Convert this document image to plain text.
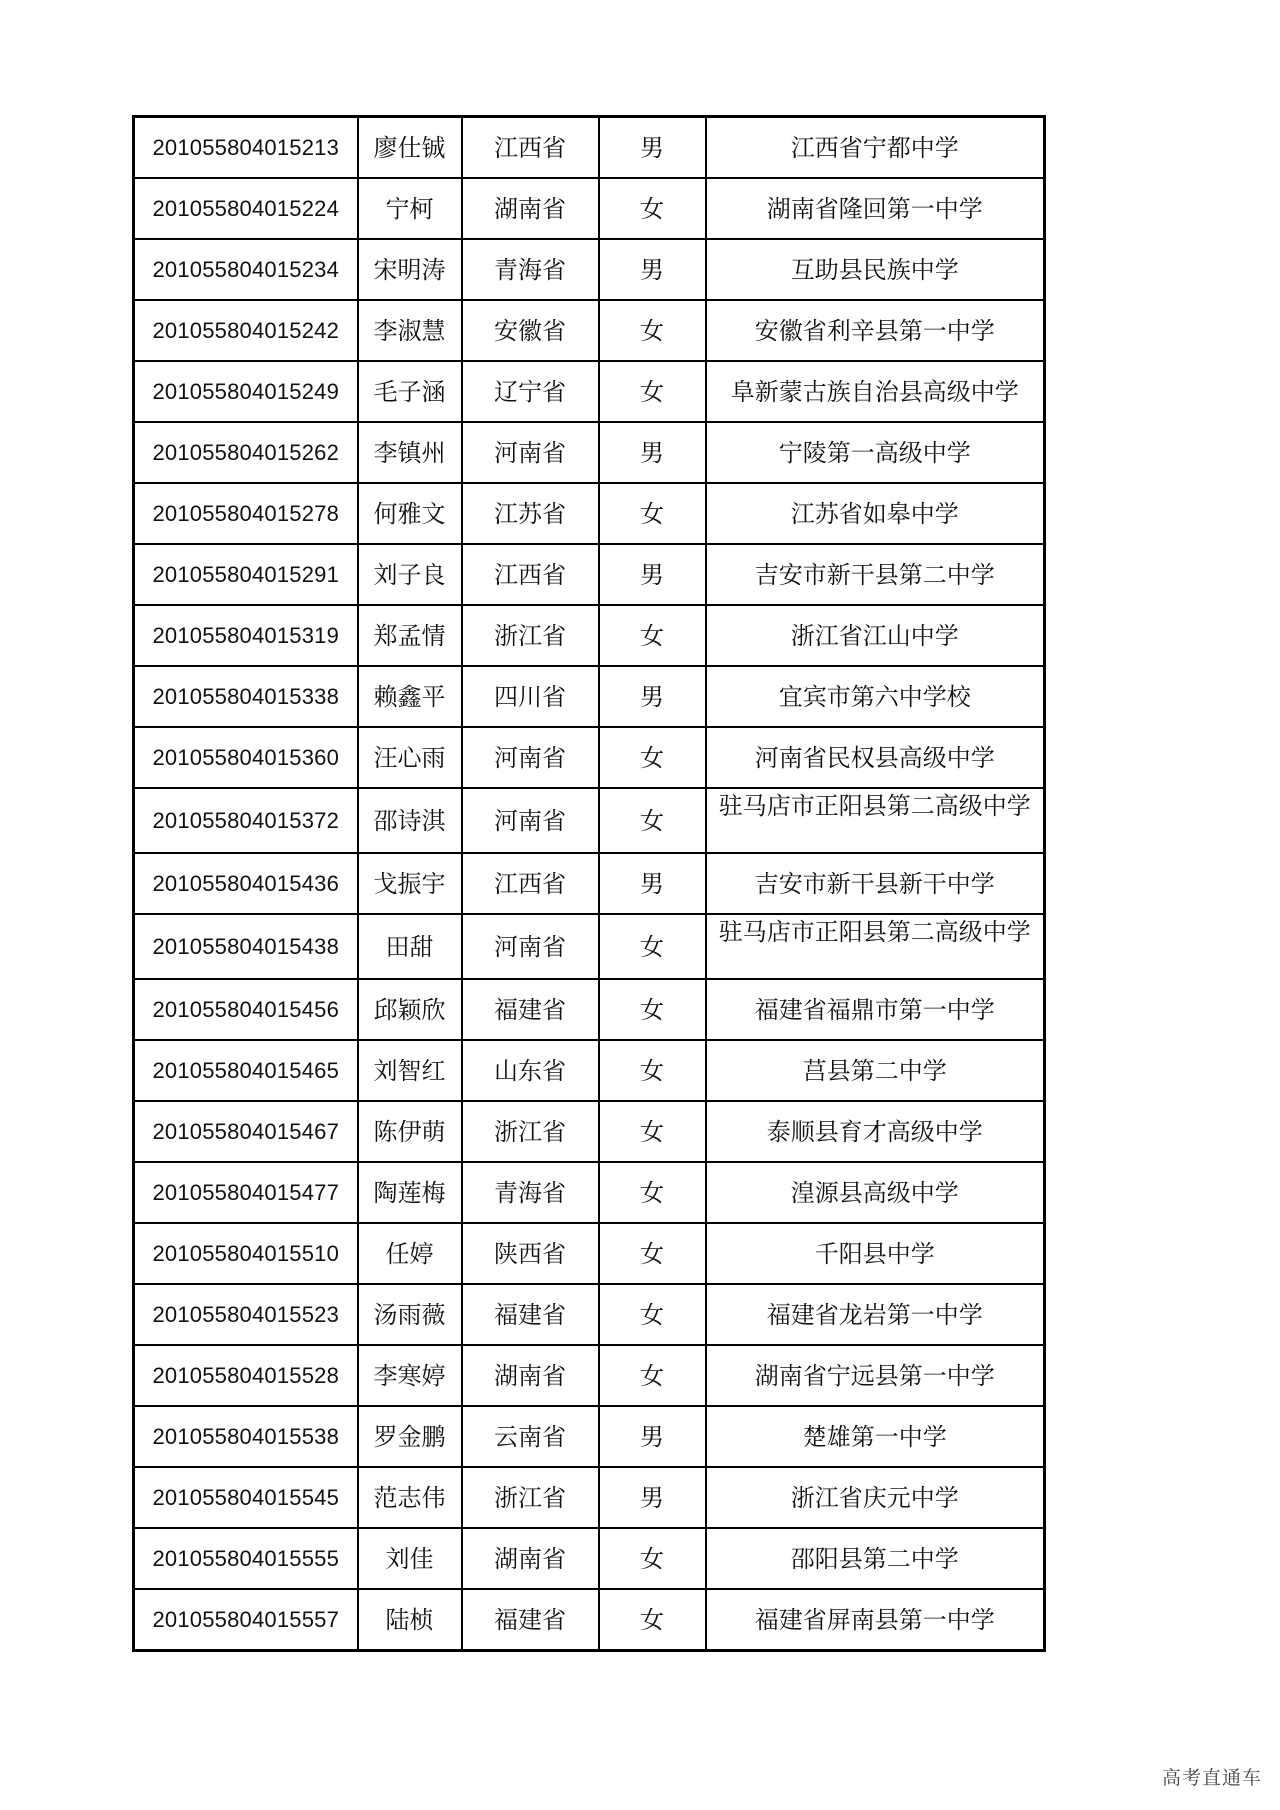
201055804015213	廖仕铖	江西省	男	江西省宁都中学
201055804015224	宁柯	湖南省	女	湖南省隆回第一中学
201055804015234	宋明涛	青海省	男	互助县民族中学
201055804015242	李淑慧	安徽省	女	安徽省利辛县第一中学
201055804015249	毛子涵	辽宁省	女	阜新蒙古族自治县高级中学
201055804015262	李镇州	河南省	男	宁陵第一高级中学
201055804015278	何雅文	江苏省	女	江苏省如皋中学
201055804015291	刘子良	江西省	男	吉安市新干县第二中学
201055804015319	郑孟情	浙江省	女	浙江省江山中学
201055804015338	赖鑫平	四川省	男	宜宾市第六中学校
201055804015360	汪心雨	河南省	女	河南省民权县高级中学
201055804015372	邵诗淇	河南省	女	驻马店市正阳县第二高级中学
201055804015436	戈振宇	江西省	男	吉安市新干县新干中学
201055804015438	田甜	河南省	女	驻马店市正阳县第二高级中学
201055804015456	邱颖欣	福建省	女	福建省福鼎市第一中学
201055804015465	刘智红	山东省	女	莒县第二中学
201055804015467	陈伊萌	浙江省	女	泰顺县育才高级中学
201055804015477	陶莲梅	青海省	女	湟源县高级中学
201055804015510	任婷	陕西省	女	千阳县中学
201055804015523	汤雨薇	福建省	女	福建省龙岩第一中学
201055804015528	李寒婷	湖南省	女	湖南省宁远县第一中学
201055804015538	罗金鹏	云南省	男	楚雄第一中学
201055804015545	范志伟	浙江省	男	浙江省庆元中学
201055804015555	刘佳	湖南省	女	邵阳县第二中学
201055804015557	陆桢	福建省	女	福建省屏南县第一中学
高考直通车
